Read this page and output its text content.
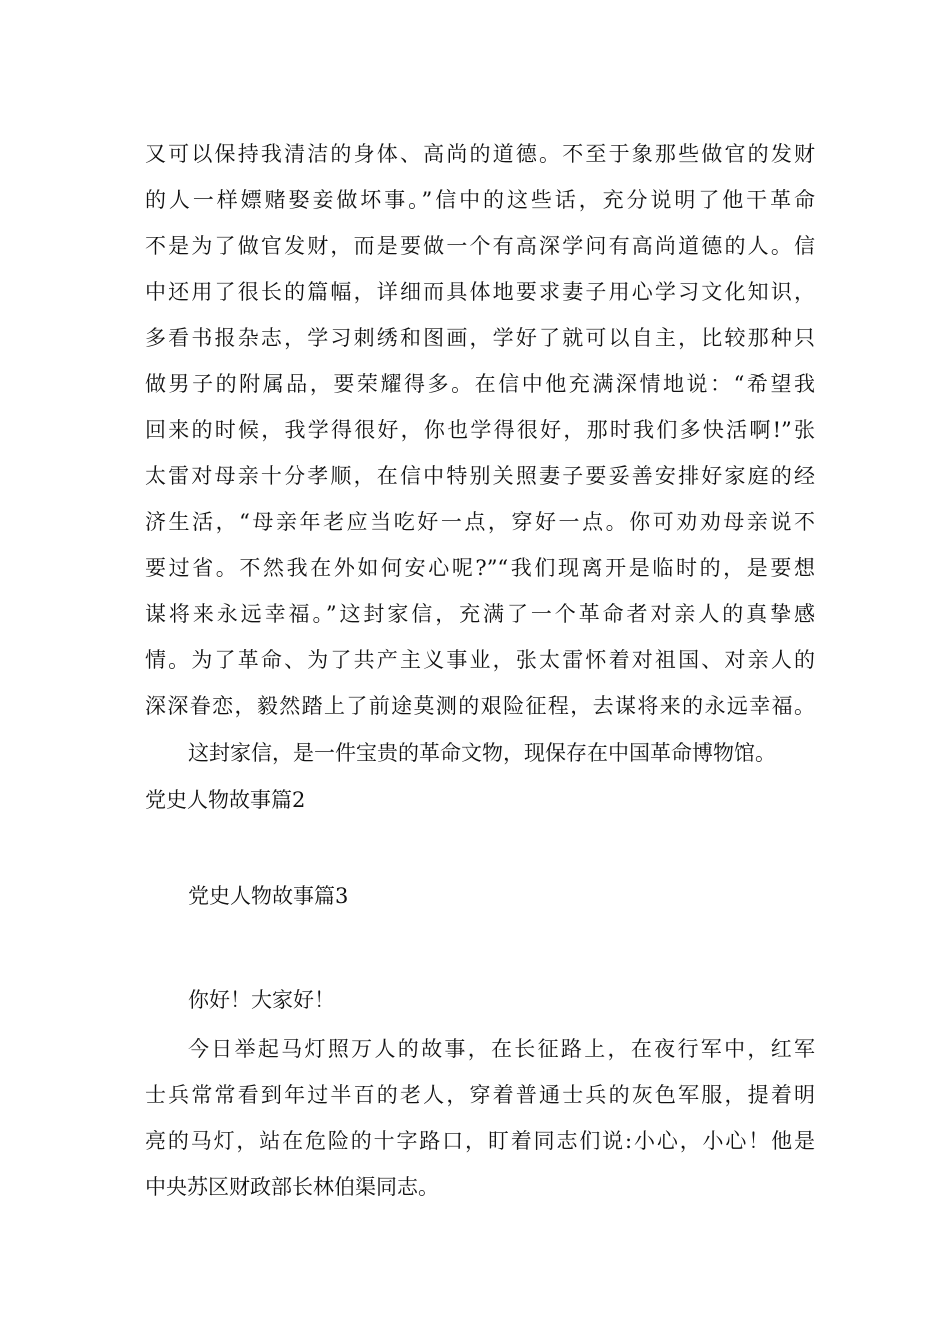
又可以保持我清洁的身体、高尚的道德。不至于象那些做官的发财
的人一样嫖赌娶妾做坏事。”信中的这些话，充分说明了他干革命
不是为了做官发财，而是要做一个有高深学问有高尚道德的人。信
中还用了很长的篇幅，详细而具体地要求妻子用心学习文化知识，
多看书报杂志，学习刺绣和图画，学好了就可以自主，比较那种只
做男子的附属品，要荣耀得多。在信中他充满深情地说：“希望我
回来的时候，我学得很好，你也学得很好，那时我们多快活啊!”张
太雷对母亲十分孝顺，在信中特别关照妻子要妥善安排好家庭的经
济生活，“母亲年老应当吃好一点，穿好一点。你可劝劝母亲说不
要过省。不然我在外如何安心呢?”“我们现离开是临时的，是要想
谋将来永远幸福。”这封家信，充满了一个革命者对亲人的真挚感
情。为了革命、为了共产主义事业，张太雷怀着对祖国、对亲人的
深深眷恋，毅然踏上了前途莫测的艰险征程，去谋将来的永远幸福。
这封家信，是一件宝贵的革命文物，现保存在中国革命博物馆。
党史人物故事篇2
党史人物故事篇3
你好！大家好！
今日举起马灯照万人的故事，在长征路上，在夜行军中，红军
士兵常常看到年过半百的老人，穿着普通士兵的灰色军服，提着明
亮的马灯，站在危险的十字路口，盯着同志们说:小心，小心！他是
中央苏区财政部长林伯渠同志。
